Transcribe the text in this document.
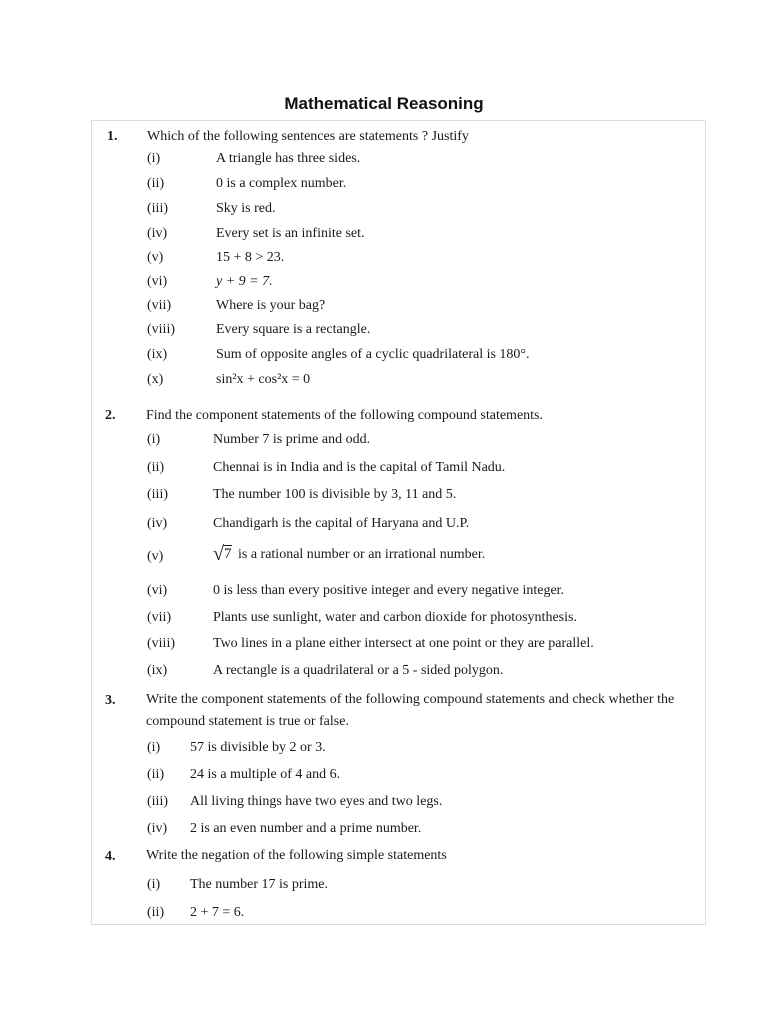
Mathematical Reasoning
1. Which of the following sentences are statements ? Justify
(i)	A triangle has three sides.
(ii)	0 is a complex number.
(iii)	Sky is red.
(iv)	Every set is an infinite set.
(v)	15 + 8 > 23.
(vi)	y + 9 = 7.
(vii)	Where is your bag?
(viii)	Every square is a rectangle.
(ix)	Sum of opposite angles of a cyclic quadrilateral is 180°.
(x)	sin²x + cos²x = 0
2. Find the component statements of the following compound statements.
(i)	Number 7 is prime and odd.
(ii)	Chennai is in India and is the capital of Tamil Nadu.
(iii)	The number 100 is divisible by 3, 11 and 5.
(iv)	Chandigarh is the capital of Haryana and U.P.
(v) √7 is a rational number or an irrational number.
(vi)	0 is less than every positive integer and every negative integer.
(vii)	Plants use sunlight, water and carbon dioxide for photosynthesis.
(viii)	Two lines in a plane either intersect at one point or they are parallel.
(ix)	A rectangle is a quadrilateral or a 5 - sided polygon.
3. Write the component statements of the following compound statements and check whether the compound statement is true or false.
(i) 57 is divisible by 2 or 3.
(ii) 24 is a multiple of 4 and 6.
(iii) All living things have two eyes and two legs.
(iv) 2 is an even number and a prime number.
4. Write the negation of the following simple statements
(i) The number 17 is prime.
(ii) 2 + 7 = 6.
